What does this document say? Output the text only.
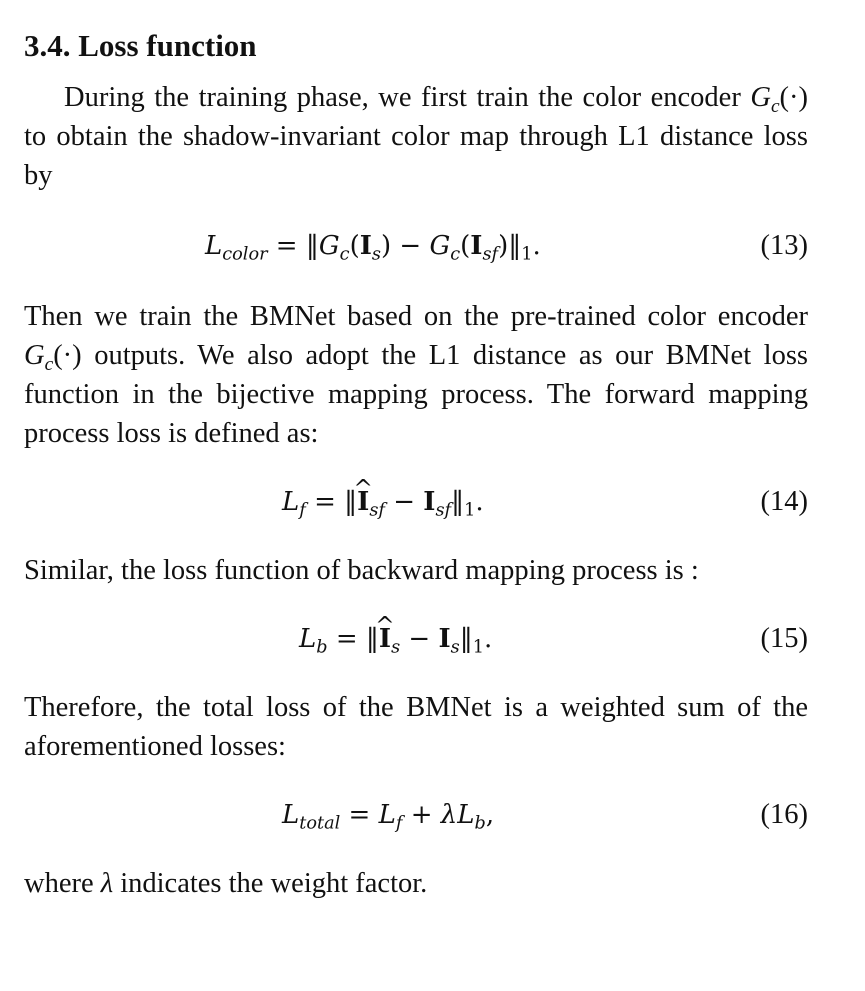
3.4. Loss function

During the training phase, we first train the color encoder $G_c(\cdot)$ to obtain the shadow-invariant color map through L1 distance loss by

$L_{color}$ = $‖G_c(I_s)$ − $G_c(I_{sf})‖_1$.	(13)

Then we train the BMNet based on the pre-trained color encoder $G_c(\cdot)$ outputs. We also adopt the L1 distance as our BMNet loss function in the bijective mapping process. The forward mapping process loss is defined as:

$L_f$ = ‖^ $I_{sf}$ − $I_{sf}‖_1$.	(14)

Similar, the loss function of backward mapping process is :

$L_b$ = ‖^ $I_s$ − $I_s‖_1$.	(15)

Therefore, the total loss of the BMNet is a weighted sum of the aforementioned losses:

$L_{total} = L_f + \lambda L_b$,	(16)

where λ indicates the weight factor.
